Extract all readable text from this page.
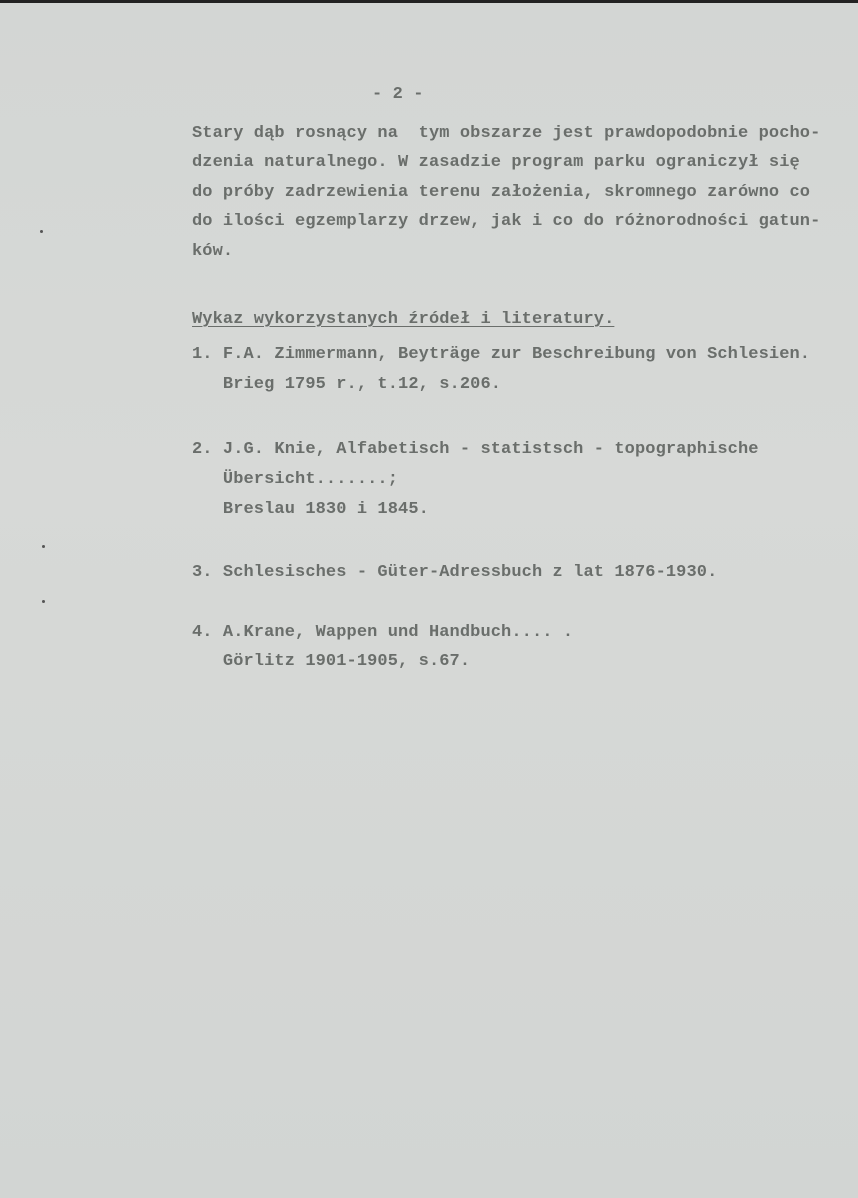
- 2 -
Stary dąb rosnący na  tym obszarze jest prawdopodobnie pocho-
dzenia naturalnego. W zasadzie program parku ograniczył się
do próby zadrzewienia terenu założenia, skromnego zarówno co
do ilości egzemplarzy drzew, jak i co do różnorodności gatun-
ków.
Wykaz wykorzystanych źródeł i literatury.
1. F.A. Zimmermann, Beyträge zur Beschreibung von Schlesien.
Brieg 1795 r., t.12, s.206.
2. J.G. Knie, Alfabetisch - statistsch - topographische
Übersicht.......;
Breslau 1830 i 1845.
3. Schlesisches - Güter-Adressbuch z lat 1876-1930.
4. A.Krane, Wappen und Handbuch.... .
Görlitz 1901-1905, s.67.
